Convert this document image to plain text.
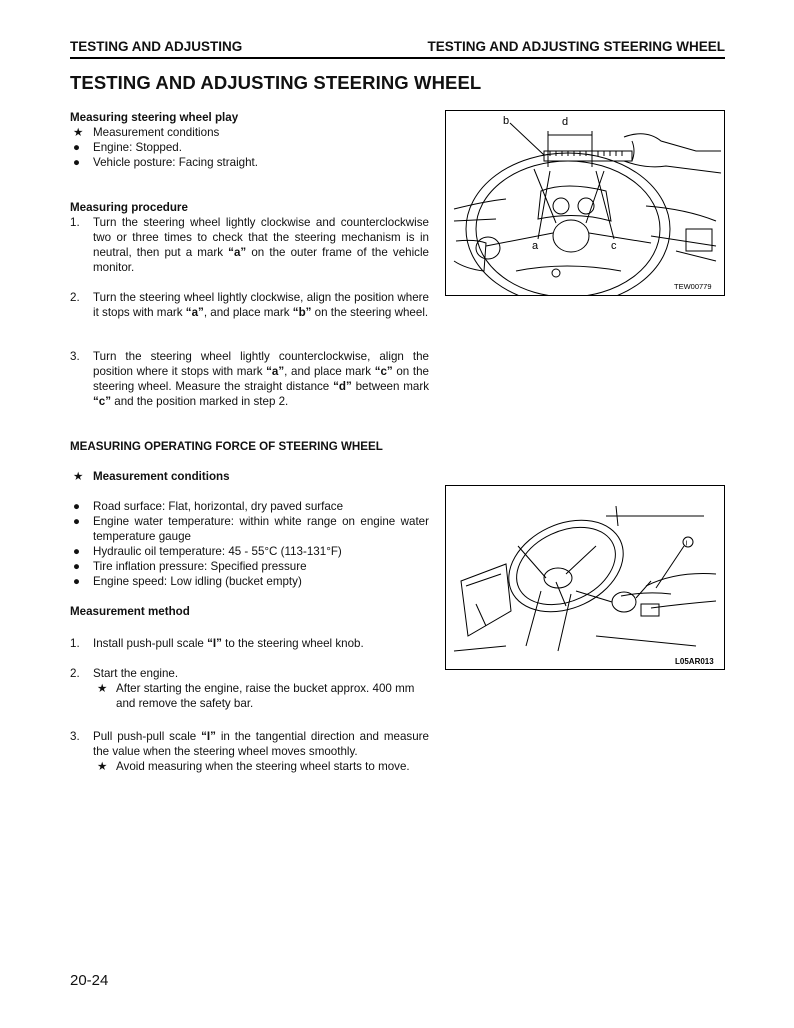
TESTING AND ADJUSTING	TESTING AND ADJUSTING STEERING WHEEL
TESTING AND ADJUSTING STEERING WHEEL
Measuring steering wheel play
★ Measurement conditions
● Engine: Stopped.
● Vehicle posture: Facing straight.
Measuring procedure
1. Turn the steering wheel lightly clockwise and counterclockwise two or three times to check that the steering mechanism is in neutral, then put a mark “a” on the outer frame of the vehicle monitor.
2. Turn the steering wheel lightly clockwise, align the position where it stops with mark “a”, and place mark “b” on the steering wheel.
3. Turn the steering wheel lightly counterclockwise, align the position where it stops with mark “a”, and place mark “c” on the steering wheel. Measure the straight distance “d” between mark “c” and the position marked in step 2.
MEASURING OPERATING FORCE OF STEERING WHEEL
★ Measurement conditions
● Road surface: Flat, horizontal, dry paved surface
● Engine water temperature: within white range on engine water temperature gauge
● Hydraulic oil temperature: 45 - 55°C (113-131°F)
● Tire inflation pressure: Specified pressure
● Engine speed: Low idling (bucket empty)
Measurement method
1. Install push-pull scale “I” to the steering wheel knob.
2. Start the engine.
★ After starting the engine, raise the bucket approx. 400 mm and remove the safety bar.
3. Pull push-pull scale “I” in the tangential direction and measure the value when the steering wheel moves smoothly.
★ Avoid measuring when the steering wheel starts to move.
b	d
a	c
TEW00779
I
L05AR013
20-24
